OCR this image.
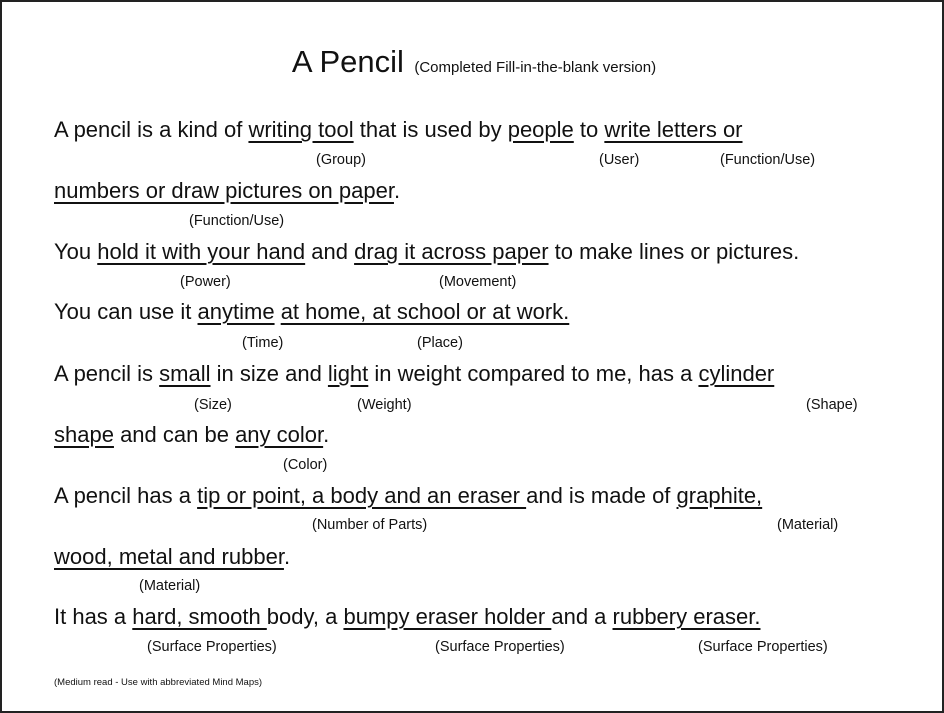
A Pencil (Completed Fill-in-the-blank version)
A pencil is a kind of writing tool that is used by people to write letters or
(Group)	(User)	(Function/Use)
numbers or draw pictures on paper.
(Function/Use)
You hold it with your hand and drag it across paper to make lines or pictures.
(Power)	(Movement)
You can use it anytime at home, at school or at work.
(Time)	(Place)
A pencil is small in size and light in weight compared to me, has a cylinder
(Size)	(Weight)	(Shape)
shape and can be any color.
(Color)
A pencil has a tip or point, a body and an eraser and is made of graphite,
(Number of Parts)	(Material)
wood, metal and rubber.
(Material)
It has a hard, smooth body, a bumpy eraser holder and a rubbery eraser.
(Surface Properties)	(Surface Properties)	(Surface Properties)
(Medium read - Use with abbreviated Mind Maps)
